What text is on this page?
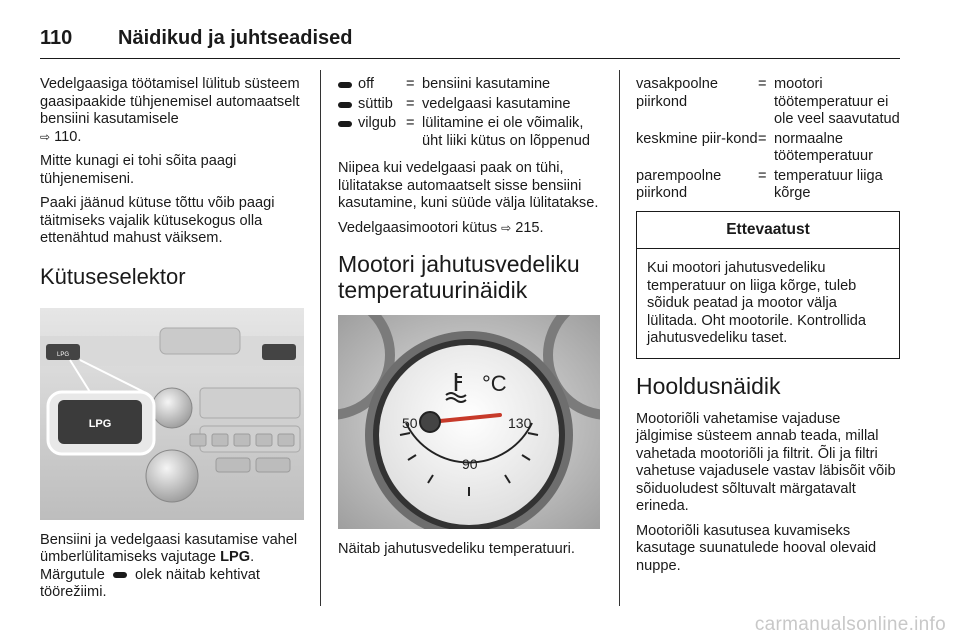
110	Näidikud ja juhtseadised

Vedelgaasiga töötamisel lülitub süsteem gaasipaakide tühjenemisel automaatselt bensiini kasutamisele
⇨ 110.

Mitte kunagi ei tohi sõita paagi tühjenemiseni.

Paaki jäänud kütuse tõttu võib paagi täitmiseks vajalik kütusekogus olla ettenähtud mahust väiksem.

Kütuseselektor
LPG
LPG

Bensiini ja vedelgaasi kasutamise vahel ümberlülitamiseks vajutage LPG. Märgutule olek näitab kehtivat töörežiimi.

off = bensiini kasutamine
süttib = vedelgaasi kasutamine
vilgub = lülitamine ei ole võimalik, üht liiki kütus on lõppenud

Niipea kui vedelgaasi paak on tühi, lülitatakse automaatselt sisse bensiini kasutamine, kuni süüde välja lülitatakse.

Vedelgaasimootori kütus ⇨ 215.

Mootori jahutusvedeliku temperatuurinäidik
°C
50
90
130

Näitab jahutusvedeliku temperatuuri.

vasakpoolne piirkond
= mootori töötemperatuur ei ole veel saavutatud
keskmine piir-kond = normaalne töötemperatuur
parempoolne piirkond
= temperatuur liiga kõrge
Ettevaatust
Kui mootori jahutusvedeliku temperatuur on liiga kõrge, tuleb sõiduk peatad ja mootor välja lülitada. Oht mootorile. Kontrollida jahutusvedeliku taset.
Hooldusnäidik

Mootoriõli vahetamise vajaduse jälgimise süsteem annab teada, millal vahetada mootoriõli ja filtrit. Õli ja filtri vahetuse vajadusele vastav läbisõit võib sõiduoludest sõltuvalt märgatavalt erineda.

Mootoriõli kasutusea kuvamiseks kasutage suunatulede hooval olevaid nuppe.

carmanualsonline.info
